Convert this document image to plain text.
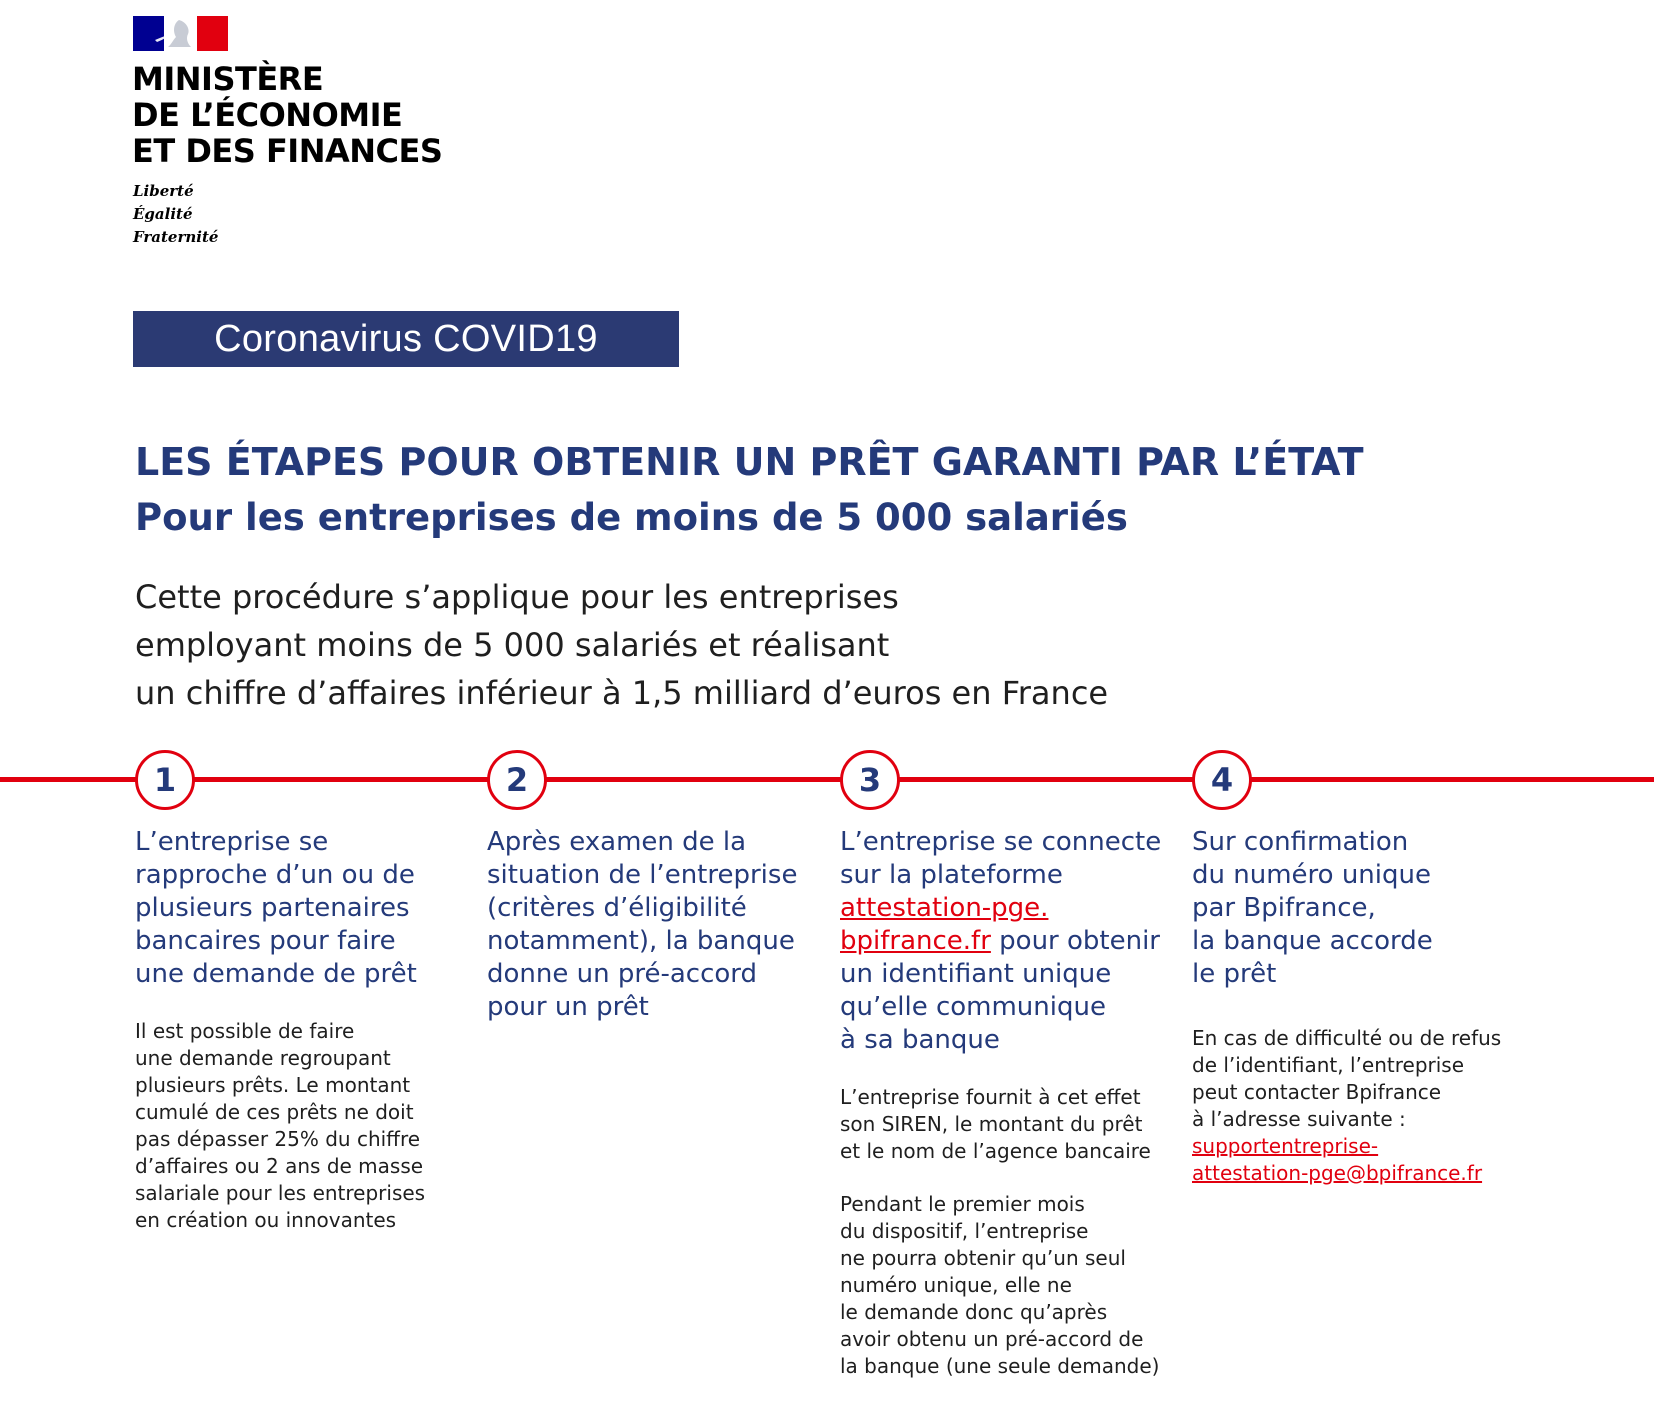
MINISTÈRE
DE L’ÉCONOMIE
ET DES FINANCES
Liberté
Égalité
Fraternité
Coronavirus COVID19
LES ÉTAPES POUR OBTENIR UN PRÊT GARANTI PAR L’ÉTAT
Pour les entreprises de moins de 5 000 salariés
Cette procédure s’applique pour les entreprises
employant moins de 5 000 salariés et réalisant
un chiffre d’affaires inférieur à 1,5 milliard d’euros en France
1	2	3	4
L’entreprise se
rapproche d’un ou de
plusieurs partenaires
bancaires pour faire
une demande de prêt
Il est possible de faire
une demande regroupant
plusieurs prêts. Le montant
cumulé de ces prêts ne doit
pas dépasser 25% du chiffre
d’affaires ou 2 ans de masse
salariale pour les entreprises
en création ou innovantes
Après examen de la
situation de l’entreprise
(critères d’éligibilité
notamment), la banque
donne un pré-accord
pour un prêt
L’entreprise se connecte
sur la plateforme
attestation-pge.
bpifrance.fr pour obtenir
un identifiant unique
qu’elle communique
à sa banque
L’entreprise fournit à cet effet
son SIREN, le montant du prêt
et le nom de l’agence bancaire
Pendant le premier mois
du dispositif, l’entreprise
ne pourra obtenir qu’un seul
numéro unique, elle ne
le demande donc qu’après
avoir obtenu un pré-accord de
la banque (une seule demande)
Sur confirmation
du numéro unique
par Bpifrance,
la banque accorde
le prêt
En cas de difficulté ou de refus
de l’identifiant, l’entreprise
peut contacter Bpifrance
à l’adresse suivante :
supportentreprise-
attestation-pge@bpifrance.fr
